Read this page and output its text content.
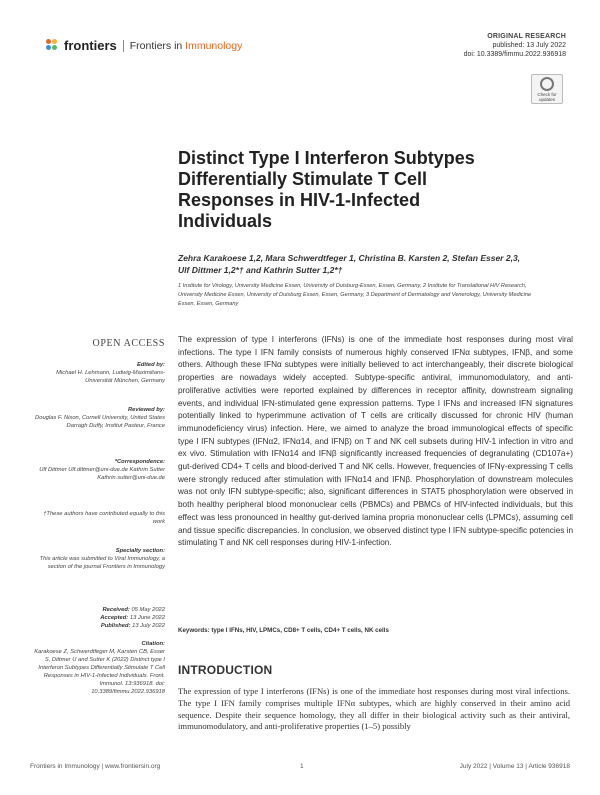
frontiers Frontiers in Immunology
ORIGINAL RESEARCH
published: 13 July 2022
doi: 10.3389/fimmu.2022.936918
Check for updates
Distinct Type I Interferon Subtypes Differentially Stimulate T Cell Responses in HIV-1-Infected Individuals
Zehra Karakoese 1,2, Mara Schwerdtfeger 1, Christina B. Karsten 2, Stefan Esser 2,3,
Ulf Dittmer 1,2*† and Kathrin Sutter 1,2*†
1 Institute for Virology, University Medicine Essen, University of Duisburg-Essen, Essen, Germany, 2 Institute for Translational HIV Research, University Medicine Essen, University of Duisburg Essen, Essen, Germany, 3 Department of Dermatology and Venerology, University Medicine Essen, Essen, Germany
OPEN ACCESS
Edited by:
Michael H. Lehmann, Ludwig-Maximilians-Universität München, Germany
Reviewed by:
Douglas F. Nixon, Cornell University, United States Darragh Duffy, Institut Pasteur, France
*Correspondence:
Ulf Dittmer Ulf.dittmer@uni-due.de Kathrin Sutter Kathrin.sutter@uni-due.de
†These authors have contributed equally to this work
Specialty section:
This article was submitted to Viral Immunology, a section of the journal Frontiers in Immunology
Received: 05 May 2022
Accepted: 13 June 2022
Published: 13 July 2022
Citation:
Karakoese Z, Schwerdtfeger M, Karsten CB, Esser S, Dittmer U and Sutter K (2022) Distinct type I Interferon Subtypes Differentially Stimulate T Cell Responses in HIV-1-Infected Individuals. Front. Immunol. 13:936918. doi: 10.3389/fimmu.2022.936918

The expression of type I interferons (IFNs) is one of the immediate host responses during most viral infections. The type I IFN family consists of numerous highly conserved IFNα subtypes, IFNβ, and some others. Although these IFNα subtypes were initially believed to act interchangeably, their discrete biological properties are nowadays widely accepted. Subtype-specific antiviral, immunomodulatory, and anti-proliferative activities were reported explained by differences in receptor affinity, downstream signaling events, and individual IFN-stimulated gene expression patterns. Type I IFNs and increased IFN signatures potentially linked to hyperimmune activation of T cells are critically discussed for chronic HIV (human immunodeficiency virus) infection. Here, we aimed to analyze the broad immunological effects of specific type I IFN subtypes (IFNα2, IFNα14, and IFNβ) on T and NK cell subsets during HIV-1 infection in vitro and ex vivo. Stimulation with IFNα14 and IFNβ significantly increased frequencies of degranulating (CD107a+) gut-derived CD4+ T cells and blood-derived T and NK cells. However, frequencies of IFNγ-expressing T cells were strongly reduced after stimulation with IFNα14 and IFNβ. Phosphorylation of downstream molecules was not only IFN subtype-specific; also, significant differences in STAT5 phosphorylation were observed in both healthy peripheral blood mononuclear cells (PBMCs) and PBMCs of HIV-infected individuals, but this effect was less pronounced in healthy gut-derived lamina propria mononuclear cells (LPMCs), assuming cell and tissue specific discrepancies. In conclusion, we observed distinct type I IFN subtype-specific potencies in stimulating T and NK cell responses during HIV-1-infection.

Keywords: type I IFNs, HIV, LPMCs, CD8+ T cells, CD4+ T cells, NK cells
INTRODUCTION

The expression of type I interferons (IFNs) is one of the immediate host responses during most viral infections. The type I IFN family comprises multiple IFNα subtypes, which are highly conserved in their amino acid sequence. Despite their sequence homology, they all differ in their biological activity such as their antiviral, immunomodulatory, and anti-proliferative properties (1–5) possibly

Frontiers in Immunology | www.frontiersin.org	1	July 2022 | Volume 13 | Article 936918
